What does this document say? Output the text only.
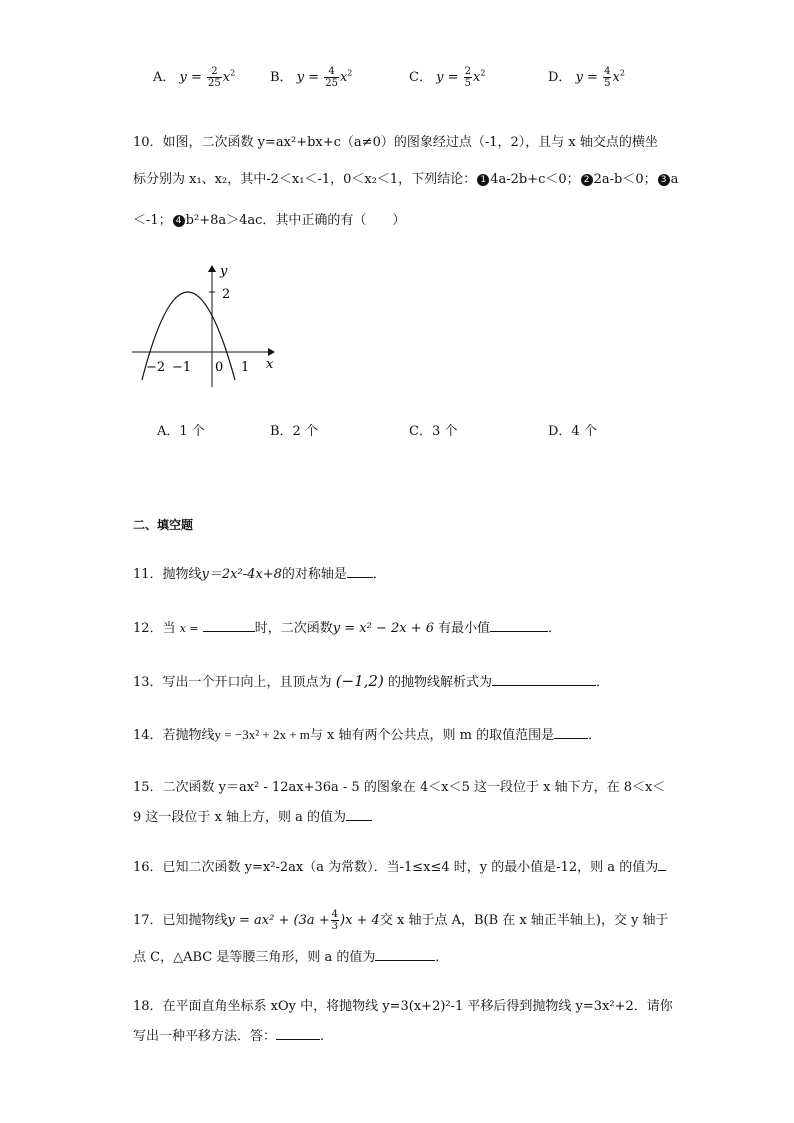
A． $y = \frac{2}{25} x^2$	B． $y = \frac{4}{25} x^2$	C． $y = \frac{2}{5} x^2$	D． $y = \frac{4}{5} x^2$
10．如图，二次函数 y=ax²+bx+c（a≠0）的图象经过点（-1，2），且与 x 轴交点的横坐
标分别为 x₁、x₂，其中-2＜x₁＜-1，0＜x₂＜1，下列结论： 1 4a-2b+c＜0； 2 2a-b＜0； 3 a
＜-1； 4 b²+8a＞4ac．其中正确的有（　　）
y
x
2
−2 −1 0 1
A．1 个	B．2 个	C．3 个	D．4 个
二、填空题
11．抛物线y＝2x²-4x+8的对称轴是 ．
12．当 x =	时，二次函数y = x² − 2x + 6 有最小值	．
13．写出一个开口向上，且顶点为 (−1,2) 的抛物线解析式为	．
14．若抛物线y = −3x² + 2x + m与 x 轴有两个公共点，则 m 的取值范围是	．
15．二次函数 y＝ax² - 12ax+36a - 5 的图象在 4＜x＜5 这一段位于 x 轴下方，在 8＜x＜
9 这一段位于 x 轴上方，则 a 的值为
16．已知二次函数 y=x²-2ax（a 为常数）．当-1≤x≤4 时，y 的最小值是-12，则 a 的值为
17．已知抛物线$y = ax^2 + (3a + \frac{4}{3} )x + 4$交 x 轴于点 A，B(B 在 x 轴正半轴上)，交 y 轴于
点 C，△ABC 是等腰三角形，则 a 的值为	．
18．在平面直角坐标系 xOy 中，将抛物线 y=3(x+2)²-1 平移后得到抛物线 y=3x²+2．请你
写出一种平移方法．答：	.
